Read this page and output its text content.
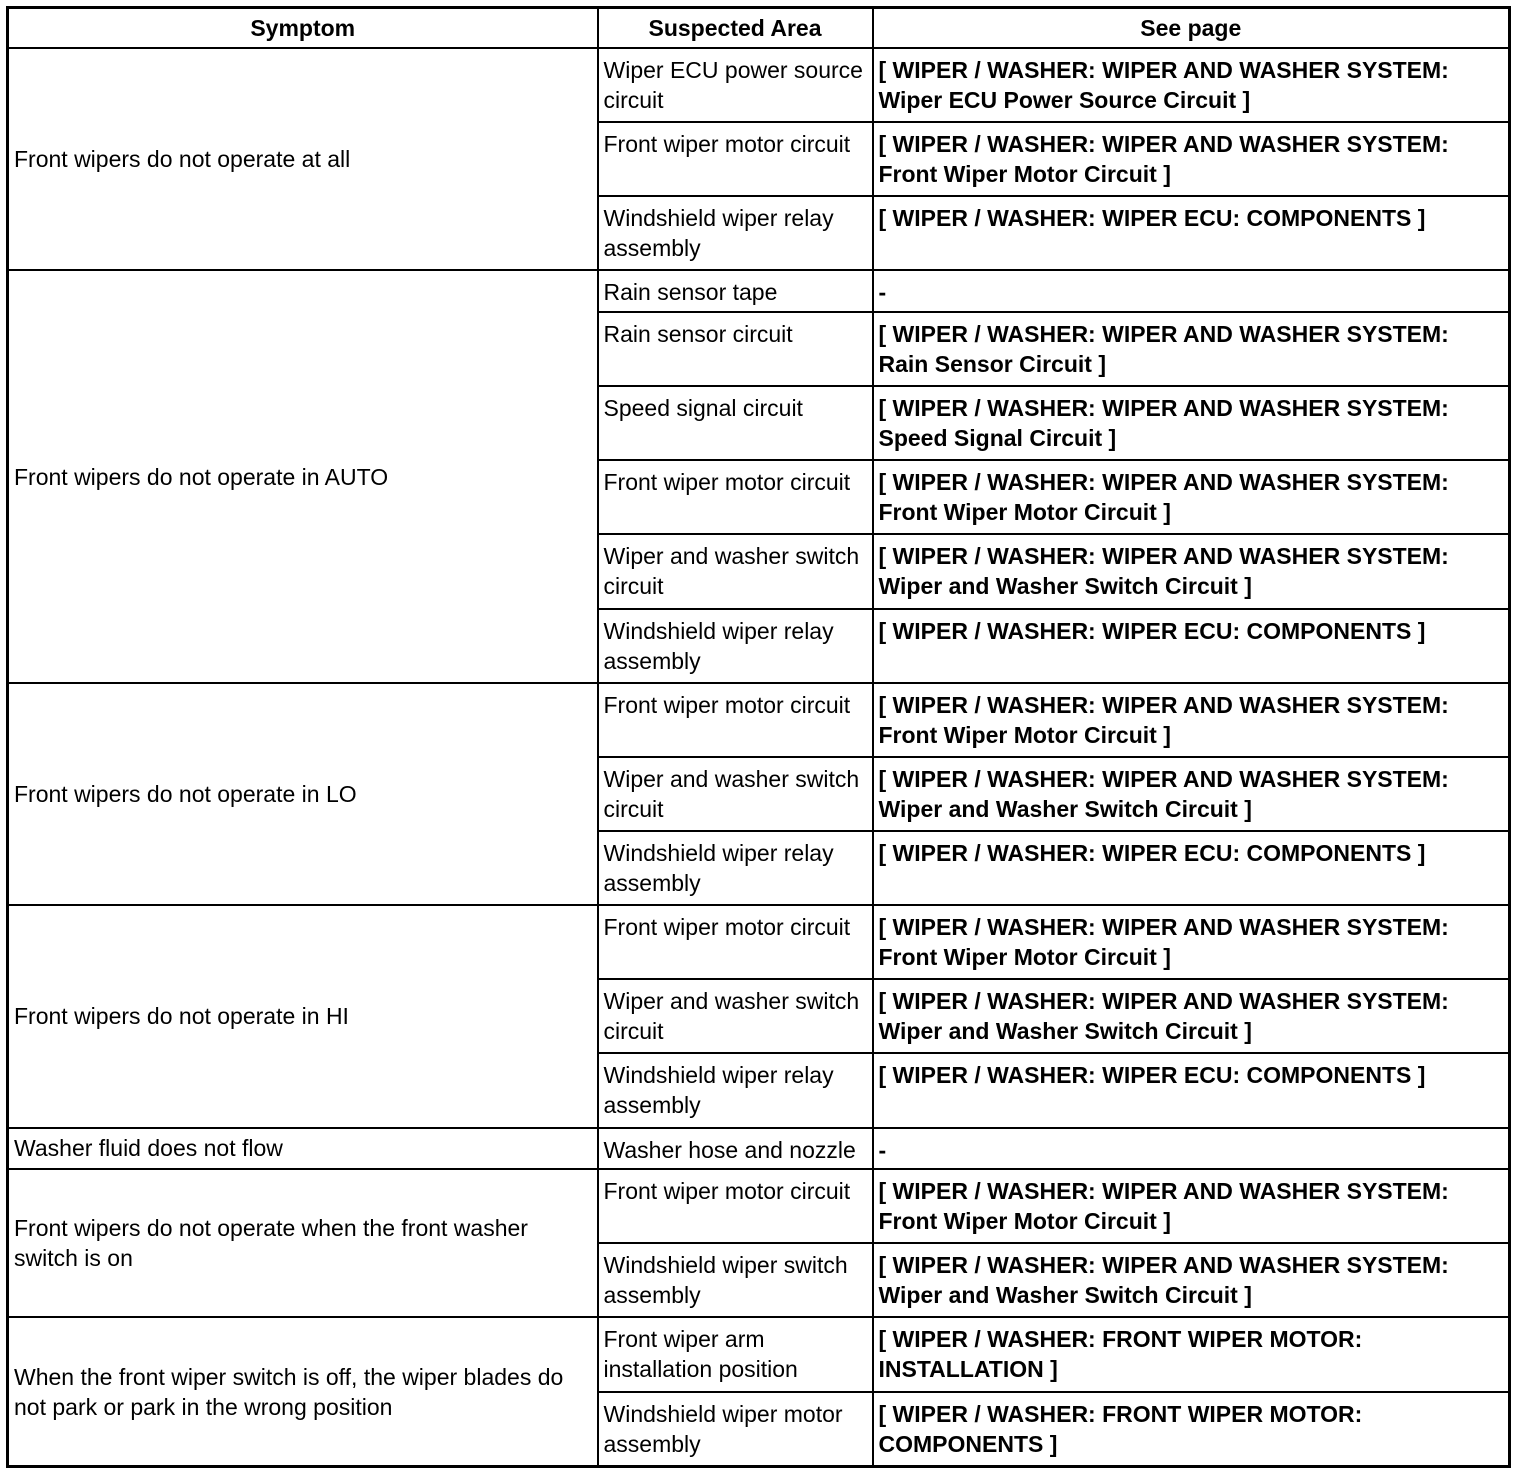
Symptom	Suspected Area	See page
Front wipers do not operate at all	Wiper ECU power source circuit	[ WIPER / WASHER: WIPER AND WASHER SYSTEM:
Wiper ECU Power Source Circuit ]

	Front wiper motor circuit	[ WIPER / WASHER: WIPER AND WASHER SYSTEM:
Front Wiper Motor Circuit ]

	Windshield wiper relay assembly	[ WIPER / WASHER: WIPER ECU: COMPONENTS ]

Front wipers do not operate in AUTO	Rain sensor tape	-

	Rain sensor circuit	[ WIPER / WASHER: WIPER AND WASHER SYSTEM:
Rain Sensor Circuit ]

	Speed signal circuit	[ WIPER / WASHER: WIPER AND WASHER SYSTEM:
Speed Signal Circuit ]

	Front wiper motor circuit	[ WIPER / WASHER: WIPER AND WASHER SYSTEM:
Front Wiper Motor Circuit ]

	Wiper and washer switch circuit	[ WIPER / WASHER: WIPER AND WASHER SYSTEM:
Wiper and Washer Switch Circuit ]

	Windshield wiper relay assembly	[ WIPER / WASHER: WIPER ECU: COMPONENTS ]

Front wipers do not operate in LO	Front wiper motor circuit	[ WIPER / WASHER: WIPER AND WASHER SYSTEM:
Front Wiper Motor Circuit ]

	Wiper and washer switch circuit	[ WIPER / WASHER: WIPER AND WASHER SYSTEM:
Wiper and Washer Switch Circuit ]

	Windshield wiper relay assembly	[ WIPER / WASHER: WIPER ECU: COMPONENTS ]

Front wipers do not operate in HI	Front wiper motor circuit	[ WIPER / WASHER: WIPER AND WASHER SYSTEM:
Front Wiper Motor Circuit ]

	Wiper and washer switch circuit	[ WIPER / WASHER: WIPER AND WASHER SYSTEM:
Wiper and Washer Switch Circuit ]

	Windshield wiper relay assembly	[ WIPER / WASHER: WIPER ECU: COMPONENTS ]

Washer fluid does not flow	Washer hose and nozzle	-

Front wipers do not operate when the front washer switch is on	Front wiper motor circuit	[ WIPER / WASHER: WIPER AND WASHER SYSTEM:
Front Wiper Motor Circuit ]

	Windshield wiper switch assembly	[ WIPER / WASHER: WIPER AND WASHER SYSTEM:
Wiper and Washer Switch Circuit ]

When the front wiper switch is off, the wiper blades do not park or park in the wrong position	Front wiper arm installation position	[ WIPER / WASHER: FRONT WIPER MOTOR:
INSTALLATION ]

	Windshield wiper motor assembly	[ WIPER / WASHER: FRONT WIPER MOTOR:
COMPONENTS ]
